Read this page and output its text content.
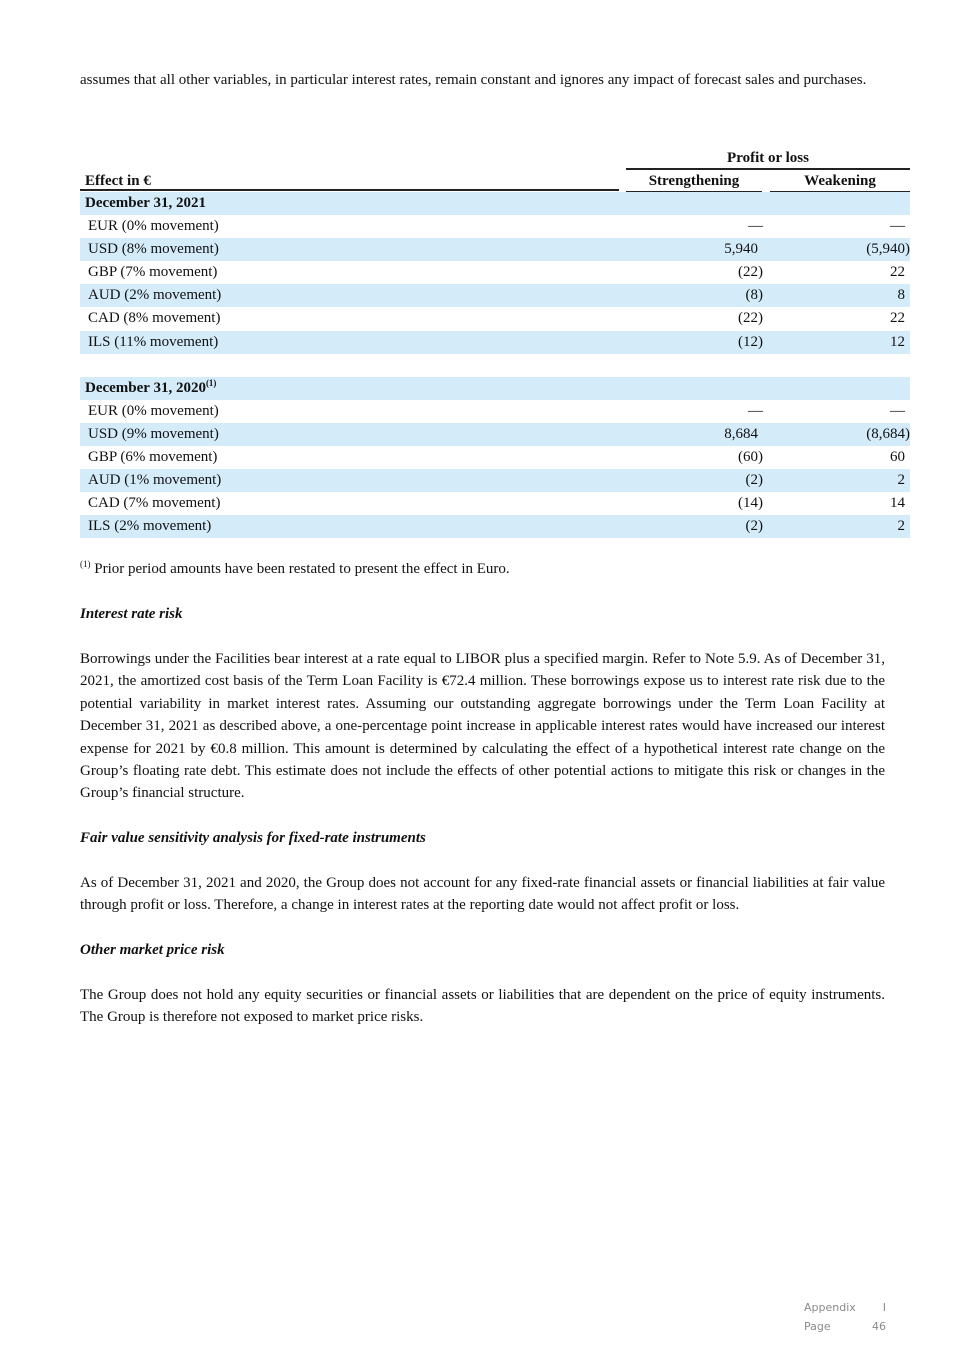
assumes that all other variables, in particular interest rates, remain constant and ignores any impact of forecast sales and purchases.

Profit or loss
Effect in €	Strengthening	Weakening
December 31, 2021
EUR (0% movement)	—	—
USD (8% movement)	5,940	(5,940)
GBP (7% movement)	(22)	22
AUD (2% movement)	(8)	8
CAD (8% movement)	(22)	22
ILS (11% movement)	(12)	12
December 31, 2020$^{(1)}$
EUR (0% movement)	—	—
USD (9% movement)	8,684	(8,684)
GBP (6% movement)	(60)	60
AUD (1% movement)	(2)	2
CAD (7% movement)	(14)	14
ILS (2% movement)	(2)	2
$^{(1)}$ Prior period amounts have been restated to present the effect in Euro.

Interest rate risk

Borrowings under the Facilities bear interest at a rate equal to LIBOR plus a specified margin. Refer to Note 5.9. As of December 31, 2021, the amortized cost basis of the Term Loan Facility is €72.4 million. These borrowings expose us to interest rate risk due to the potential variability in market interest rates. Assuming our outstanding aggregate borrowings under the Term Loan Facility at December 31, 2021 as described above, a one-percentage point increase in applicable interest rates would have increased our interest expense for 2021 by €0.8 million. This amount is determined by calculating the effect of a hypothetical interest rate change on the Group’s floating rate debt. This estimate does not include the effects of other potential actions to mitigate this risk or changes in the Group’s financial structure.

Fair value sensitivity analysis for fixed-rate instruments

As of December 31, 2021 and 2020, the Group does not account for any fixed-rate financial assets or financial liabilities at fair value through profit or loss. Therefore, a change in interest rates at the reporting date would not affect profit or loss.

Other market price risk

The Group does not hold any equity securities or financial assets or liabilities that are dependent on the price of equity instruments. The Group is therefore not exposed to market price risks.

Appendix I
Page	46
